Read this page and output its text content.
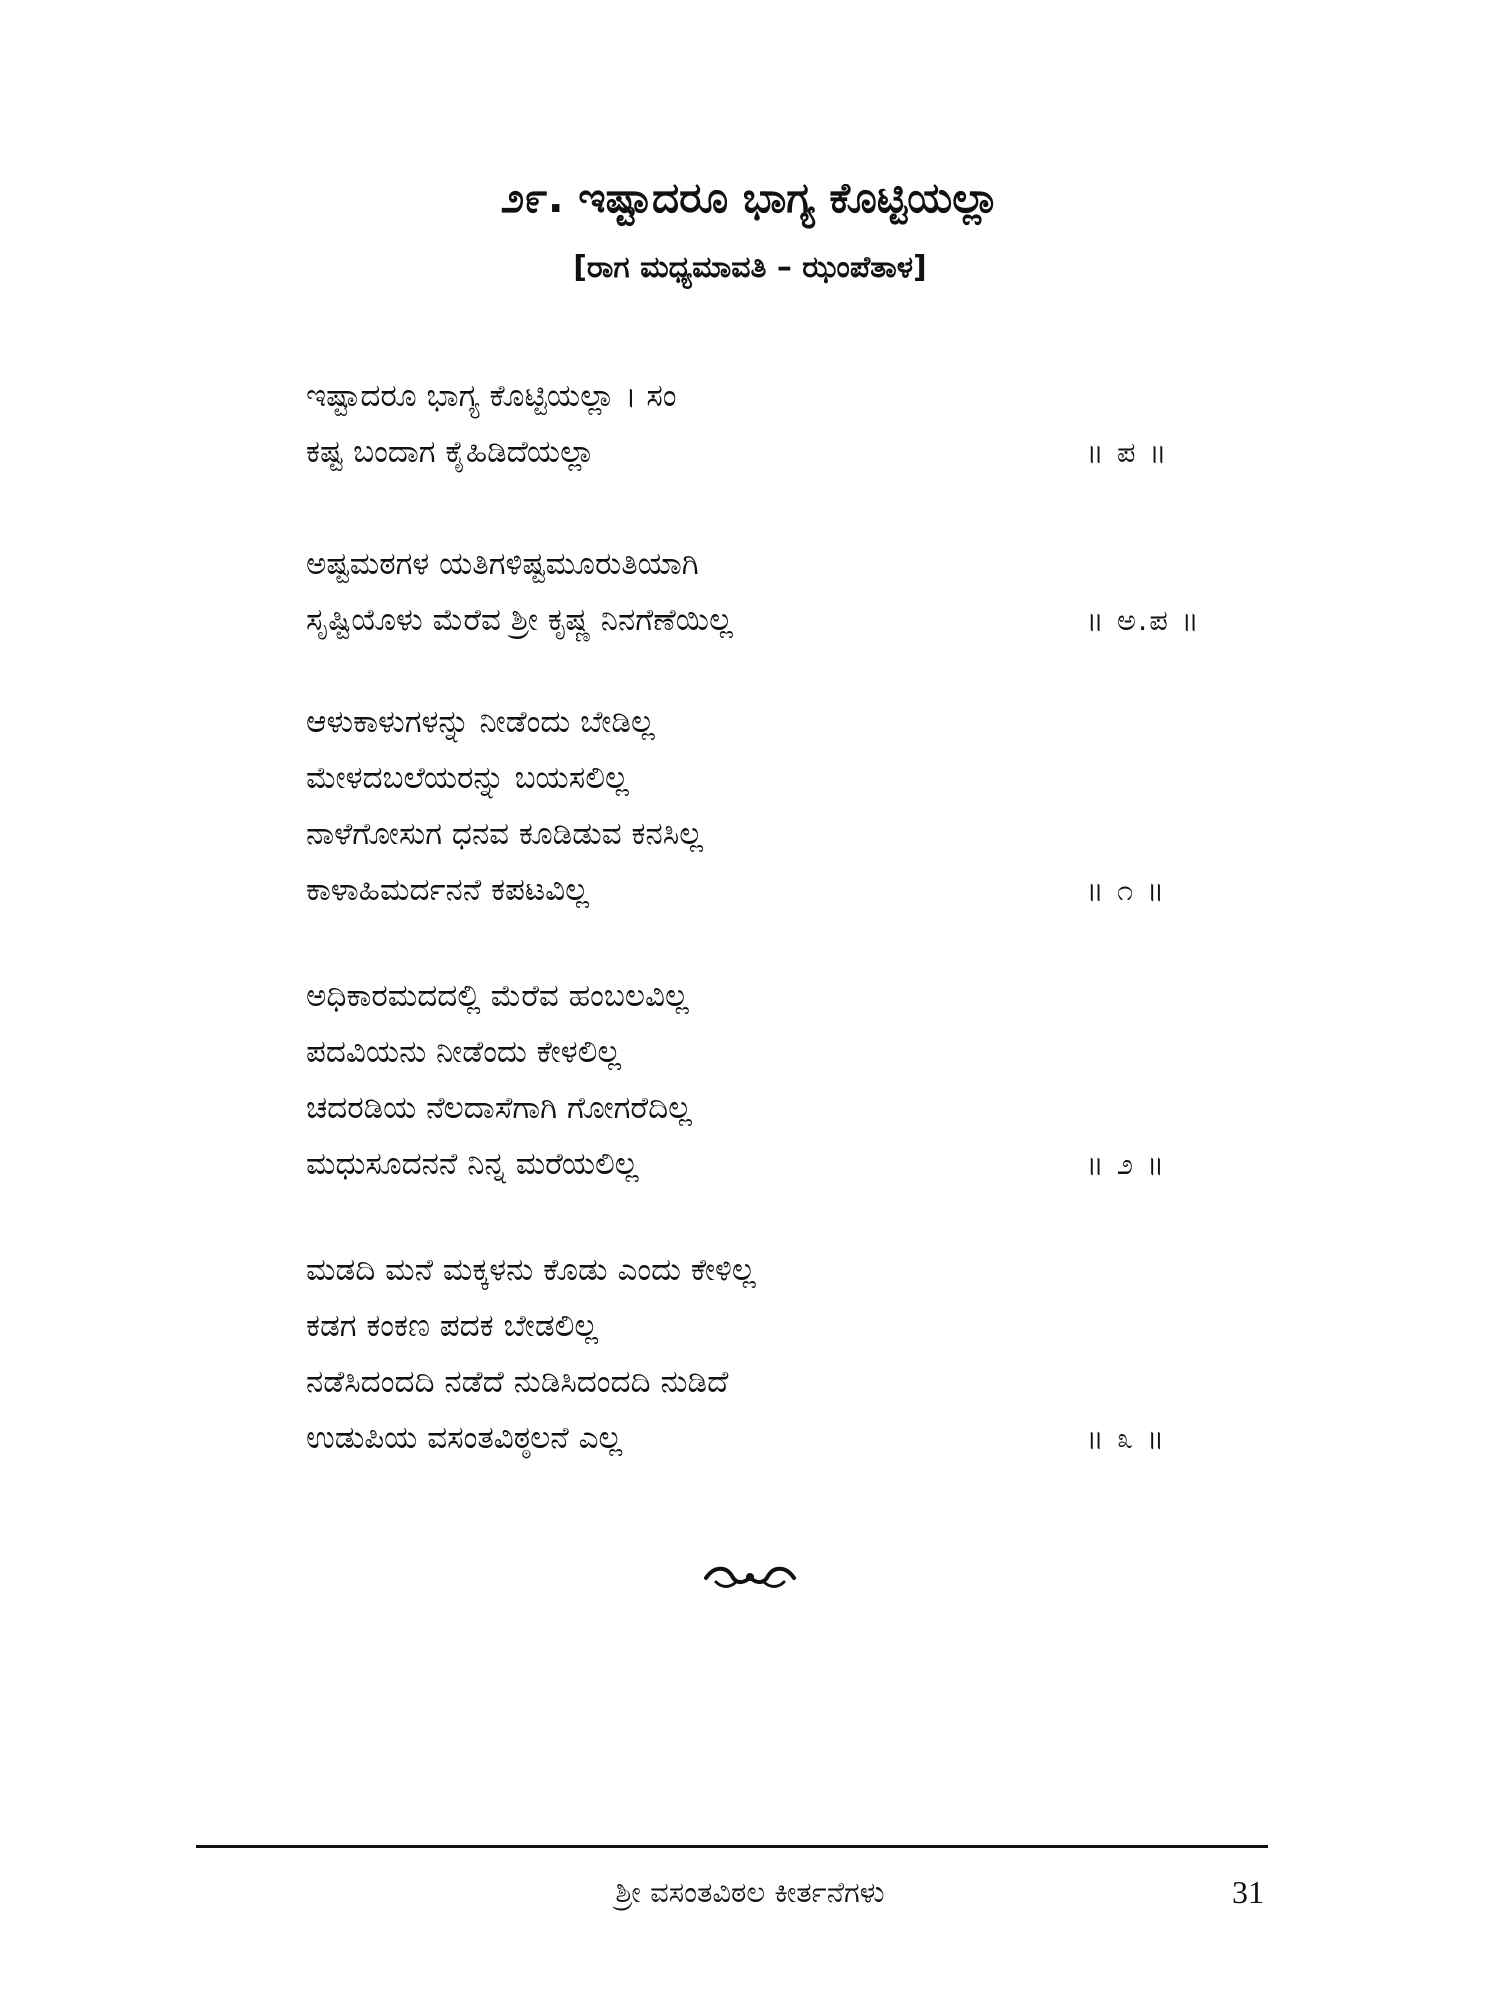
೨೯. ಇಷ್ಟಾದರೂ ಭಾಗ್ಯ ಕೊಟ್ಟಿಯಲ್ಲಾ
[ರಾಗ ಮಧ್ಯಮಾವತಿ – ಝಂಪೆತಾಳ]
ಇಷ್ಟಾದರೂ ಭಾಗ್ಯ ಕೊಟ್ಟಿಯಲ್ಲಾ । ಸಂ
ಕಷ್ಟ ಬಂದಾಗ ಕೈಹಿಡಿದೆಯಲ್ಲಾ	॥ ಪ ॥
ಅಷ್ಟಮಠಗಳ ಯತಿಗಳಿಷ್ಟಮೂರುತಿಯಾಗಿ
ಸೃಷ್ಟಿಯೊಳು ಮೆರೆವ ಶ್ರೀ ಕೃಷ್ಣ ನಿನಗೆಣೆಯಿಲ್ಲ	॥ ಅ.ಪ ॥
ಆಳುಕಾಳುಗಳನ್ನು ನೀಡೆಂದು ಬೇಡಿಲ್ಲ
ಮೇಳದಬಲೆಯರನ್ನು ಬಯಸಲಿಲ್ಲ
ನಾಳೆಗೋಸುಗ ಧನವ ಕೂಡಿಡುವ ಕನಸಿಲ್ಲ
ಕಾಳಾಹಿಮರ್ದನನೆ ಕಪಟವಿಲ್ಲ	॥ ೧ ॥
ಅಧಿಕಾರಮದದಲ್ಲಿ ಮೆರೆವ ಹಂಬಲವಿಲ್ಲ
ಪದವಿಯನು ನೀಡೆಂದು ಕೇಳಲಿಲ್ಲ
ಚದರಡಿಯ ನೆಲದಾಸೆಗಾಗಿ ಗೋಗರೆದಿಲ್ಲ
ಮಧುಸೂದನನೆ ನಿನ್ನ ಮರೆಯಲಿಲ್ಲ	॥ ೨ ॥
ಮಡದಿ ಮನೆ ಮಕ್ಕಳನು ಕೊಡು ಎಂದು ಕೇಳಿಲ್ಲ
ಕಡಗ ಕಂಕಣ ಪದಕ ಬೇಡಲಿಲ್ಲ
ನಡೆಸಿದಂದದಿ ನಡೆದೆ ನುಡಿಸಿದಂದದಿ ನುಡಿದೆ
ಉಡುಪಿಯ ವಸಂತವಿಠ್ಠಲನೆ ಎಲ್ಲ	॥ ೩ ॥
ಶ್ರೀ ವಸಂತವಿಠಲ ಕೀರ್ತನೆಗಳು	31
